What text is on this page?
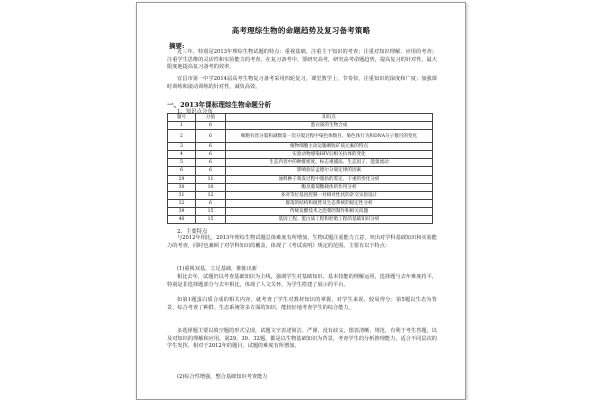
高考理综生物的命题趋势及复习备考策略
摘要:
近三年，特别是2013年理综生物试题的特点：重视基础，注重主干知识的考查；注重对知识理解、应用的考查；注重学生思维的灵活性和实验能力的考查。在复习备考中，要研究高考，研究高考命题趋势，提高复习的针对性，最大限度地提高复习备考的效率。
宜昌市第一中学2014届高考生物复习备考采用四轮复习，课堂教学上，节奏快，注重知识的深度和广度；加强课时训练和滚动训练的针对性，减负高效。
一、2013年课标理综生物命题分析
1、知识点分布
题号	分值	知识点
1	6	蛋白质的生物合成
2	6	细胞有丝分裂和减数第一次分裂过程中染色体数目、染色体行为和DNA分子数目的变化
3	6	植物细胞主动运输吸收矿质元素的特点
4	6	实验动物感染HIV后相关抗体的变化
5	6	生态内容中的种群密度、标志重捕法、生态因子、能量流动
6	6	影响验证孟德尔分离定律的因素
29	11	油料种子萌发过程中脂肪的鉴定、干重的变化分析
30	10	酶及葡萄糖载体的作用分析
31	12	多对等位基因控制一对相对性状的杂交实验设计
32	6	群落的结构和演替及生态系统的稳定性分析
39	15	传统发酵技术之泡菜的制作和相关问题
40	15	基因工程、蛋白质工程和胚胎工程的基础知识分析
2、主要特点
与2012年相比，2013年理综生物试题总体难度有所增加，生物试题注重能力立意，突出对学科基础知识和实验能力的考查，同时也兼顾了对学科知识的覆盖，体现了《考试说明》规定的范围。主要有以下特点：
(1)重视双基，立足基础，推陈出新
相比去年，试题仍以考查基础知识为主线，强调学生对基础知识、基本技能的理解运用，选择题与去年难度持平，特别是非选择题部分与去年相比，体现了人文关怀，为学生搭建了展示的平台。
如第1题蛋白质合成的相关内容，就考查了学生对教材知识的掌握，对学生来说，较易得分；第5题以生态为背景，综合考查了种群、生态系统等多方面的知识，能较好地考查学生的综合能力。
多选择题主要以填空题的形式呈现，试题文字表述简洁、严谨，没有歧义，图表清晰，规范，有利于考生答题，以及对知识的理解和应用。第29、30、32题，都是以生物基础知识为背景，考查学生的分析推理能力，适合不同层次的学生发挥，相对于2012年的题目，试题的难度有所增加。
(2)综合性增强，整合基础知识考查能力
